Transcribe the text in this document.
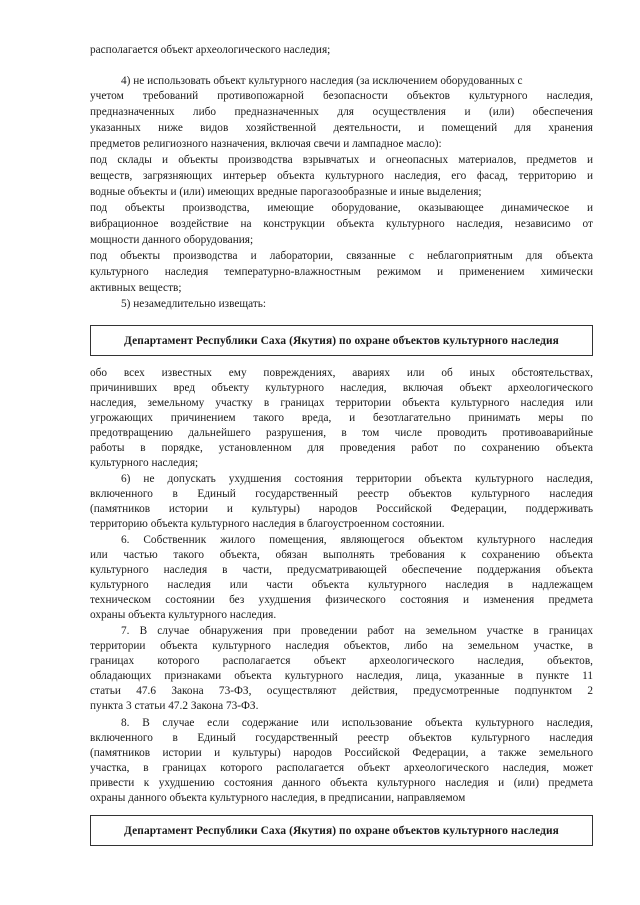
располагается объект археологического наследия;
4) не использовать объект культурного наследия (за исключением оборудованных с
учетом требований противопожарной безопасности объектов культурного наследия,
предназначенных либо предназначенных для осуществления и (или) обеспечения
указанных ниже видов хозяйственной деятельности, и помещений для хранения
предметов религиозного назначения, включая свечи и лампадное масло):
под склады и объекты производства взрывчатых и огнеопасных материалов, предметов и
веществ, загрязняющих интерьер объекта культурного наследия, его фасад, территорию и
водные объекты и (или) имеющих вредные парогазообразные и иные выделения;
под объекты производства, имеющие оборудование, оказывающее динамическое и
вибрационное воздействие на конструкции объекта культурного наследия, независимо от
мощности данного оборудования;
под объекты производства и лаборатории, связанные с неблагоприятным для объекта
культурного наследия температурно-влажностным режимом и применением химически
активных веществ;
5) незамедлительно извещать:
Департамент Республики Саха (Якутия) по охране объектов культурного наследия
обо всех известных ему повреждениях, авариях или об иных обстоятельствах,
причинивших вред объекту культурного наследия, включая объект археологического
наследия, земельному участку в границах территории объекта культурного наследия или
угрожающих причинением такого вреда, и безотлагательно принимать меры по
предотвращению дальнейшего разрушения, в том числе проводить противоаварийные
работы в порядке, установленном для проведения работ по сохранению объекта
культурного наследия;
6) не допускать ухудшения состояния территории объекта культурного наследия,
включенного в Единый государственный реестр объектов культурного наследия
(памятников истории и культуры) народов Российской Федерации, поддерживать
территорию объекта культурного наследия в благоустроенном состоянии.
6. Собственник жилого помещения, являющегося объектом культурного наследия
или частью такого объекта, обязан выполнять требования к сохранению объекта
культурного наследия в части, предусматривающей обеспечение поддержания объекта
культурного наследия или части объекта культурного наследия в надлежащем
техническом состоянии без ухудшения физического состояния и изменения предмета
охраны объекта культурного наследия.
7. В случае обнаружения при проведении работ на земельном участке в границах
территории объекта культурного наследия объектов, либо на земельном участке, в
границах которого располагается объект археологического наследия, объектов,
обладающих признаками объекта культурного наследия, лица, указанные в пункте 11
статьи 47.6 Закона 73-ФЗ, осуществляют действия, предусмотренные подпунктом 2
пункта 3 статьи 47.2 Закона 73-ФЗ.
8. В случае если содержание или использование объекта культурного наследия,
включенного в Единый государственный реестр объектов культурного наследия
(памятников истории и культуры) народов Российской Федерации, а также земельного
участка, в границах которого располагается объект археологического наследия, может
привести к ухудшению состояния данного объекта культурного наследия и (или) предмета
охраны данного объекта культурного наследия, в предписании, направляемом
Департамент Республики Саха (Якутия) по охране объектов культурного наследия
